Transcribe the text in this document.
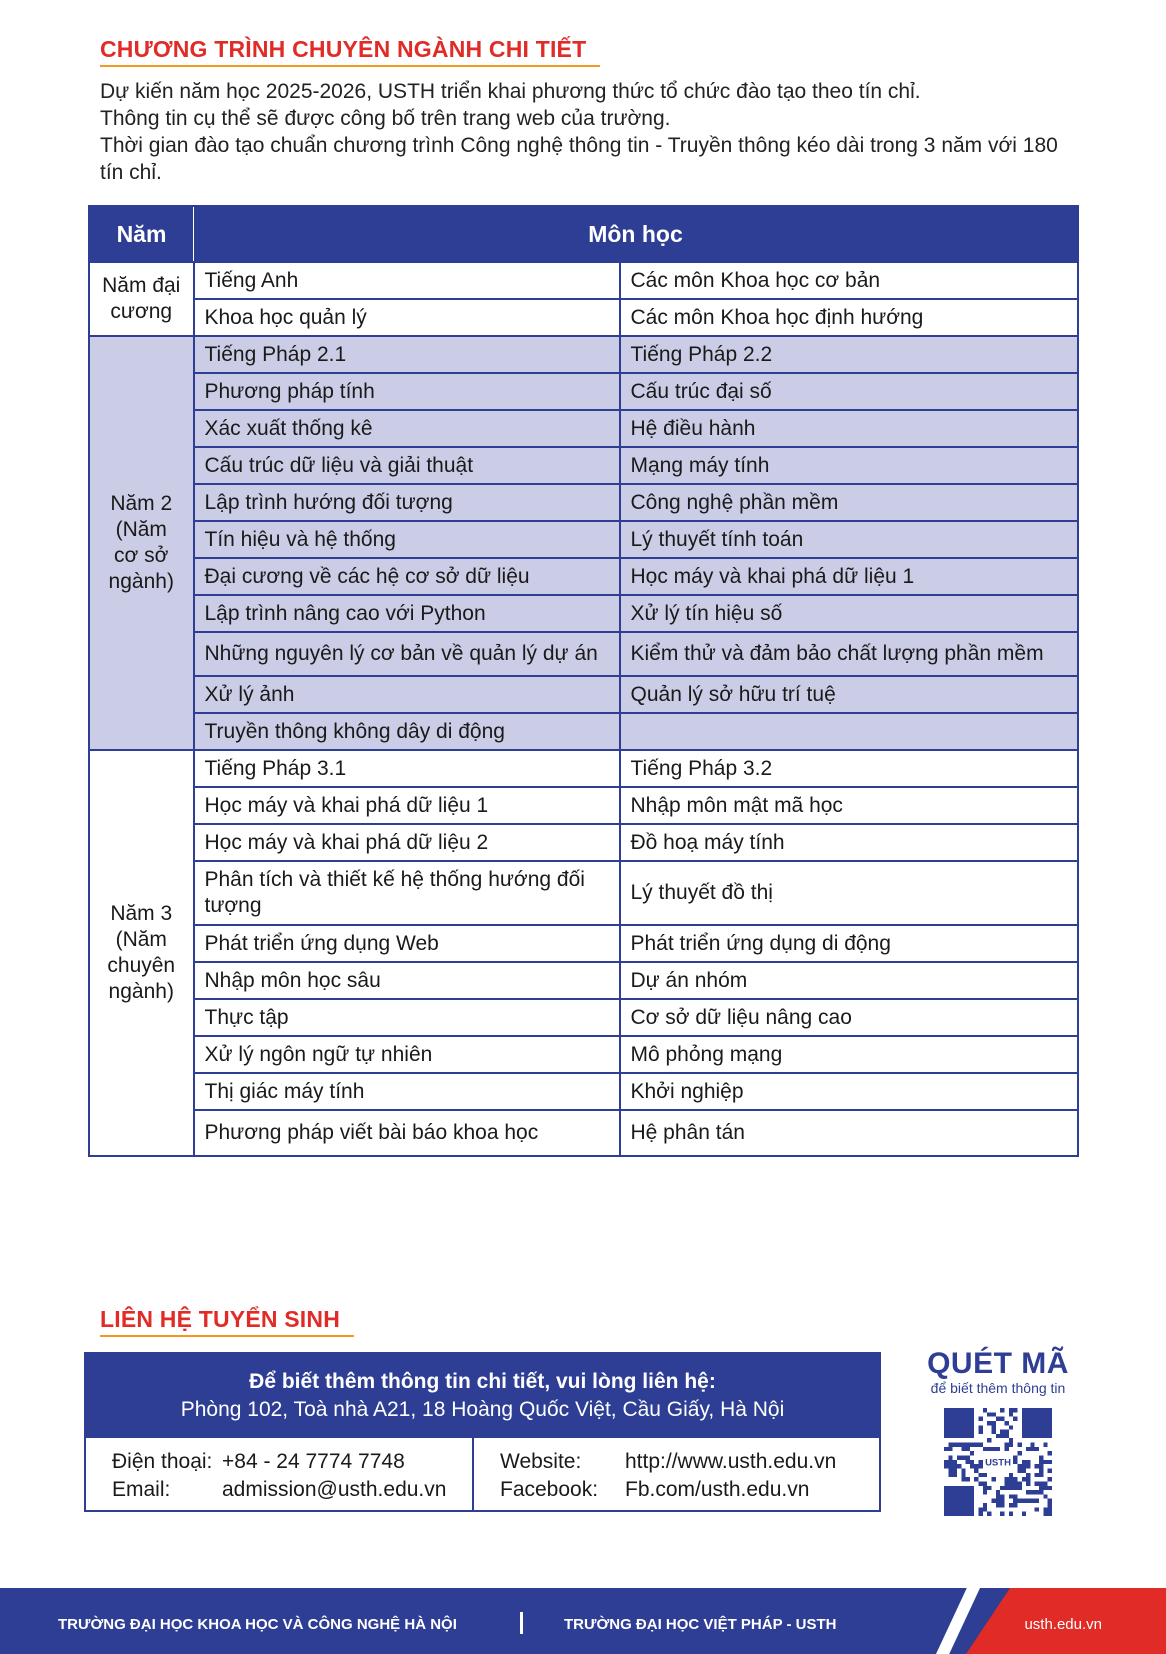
CHƯƠNG TRÌNH CHUYÊN NGÀNH CHI TIẾT

Dự kiến năm học 2025-2026, USTH triển khai phương thức tổ chức đào tạo theo tín chỉ.

Thông tin cụ thể sẽ được công bố trên trang web của trường.

Thời gian đào tạo chuẩn chương trình Công nghệ thông tin - Truyền thông kéo dài trong 3 năm với 180 tín chỉ.

Năm	Môn học	

Năm đại cương	Tiếng Anh	Các môn Khoa học cơ bản
	Khoa học quản lý	Các môn Khoa học định hướng

Năm 2 (Năm cơ sở ngành)	Tiếng Pháp 2.1	Tiếng Pháp 2.2
	Phương pháp tính	Cấu trúc đại số
	Xác xuất thống kê	Hệ điều hành
	Cấu trúc dữ liệu và giải thuật	Mạng máy tính
	Lập trình hướng đối tượng	Công nghệ phần mềm
	Tín hiệu và hệ thống	Lý thuyết tính toán
	Đại cương về các hệ cơ sở dữ liệu	Học máy và khai phá dữ liệu 1
	Lập trình nâng cao với Python	Xử lý tín hiệu số
	Những nguyên lý cơ bản về quản lý dự án	Kiểm thử và đảm bảo chất lượng phần mềm
	Xử lý ảnh	Quản lý sở hữu trí tuệ
	Truyền thông không dây di động	

Năm 3 (Năm chuyên ngành)	Tiếng Pháp 3.1	Tiếng Pháp 3.2
	Học máy và khai phá dữ liệu 1	Nhập môn mật mã học
	Học máy và khai phá dữ liệu 2	Đồ hoạ máy tính
	Phân tích và thiết kế hệ thống hướng đối tượng	Lý thuyết đồ thị
	Phát triển ứng dụng Web	Phát triển ứng dụng di động
	Nhập môn học sâu	Dự án nhóm
	Thực tập	Cơ sở dữ liệu nâng cao
	Xử lý ngôn ngữ tự nhiên	Mô phỏng mạng
	Thị giác máy tính	Khởi nghiệp
	Phương pháp viết bài báo khoa học	Hệ phân tán
LIÊN HỆ TUYỂN SINH
Để biết thêm thông tin chi tiết, vui lòng liên hệ:
Phòng 102, Toà nhà A21, 18 Hoàng Quốc Việt, Cầu Giấy, Hà Nội
Điện thoại: +84 - 24 7774 7748
Email:	admission@usth.edu.vn
Website:	http://www.usth.edu.vn
Facebook:	Fb.com/usth.edu.vn
QUÉT MÃ
để biết thêm thông tin
USTH
TRƯỜNG ĐẠI HỌC KHOA HỌC VÀ CÔNG NGHỆ HÀ NỘI	TRƯỜNG ĐẠI HỌC VIỆT PHÁP - USTH	usth.edu.vn
